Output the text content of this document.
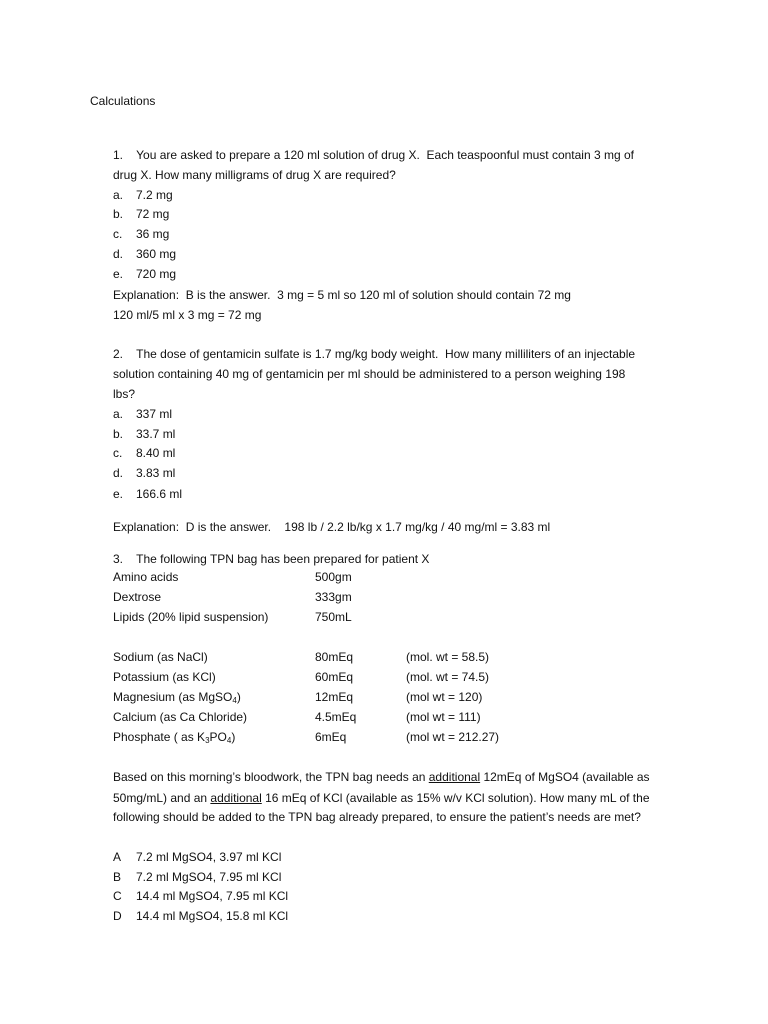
Calculations
1.    You are asked to prepare a 120 ml solution of drug X.  Each teaspoonful must contain 3 mg of
drug X. How many milligrams of drug X are required?
a. 7.2 mg
b. 72 mg
c. 36 mg
d. 360 mg
e. 720 mg
Explanation:  B is the answer.  3 mg = 5 ml so 120 ml of solution should contain 72 mg
120 ml/5 ml x 3 mg = 72 mg
2.    The dose of gentamicin sulfate is 1.7 mg/kg body weight.  How many milliliters of an injectable
solution containing 40 mg of gentamicin per ml should be administered to a person weighing 198
lbs?
a. 337 ml
b. 33.7 ml
c. 8.40 ml
d. 3.83 ml
e. 166.6 ml
Explanation:  D is the answer.    198 lb / 2.2 lb/kg x 1.7 mg/kg / 40 mg/ml = 3.83 ml
3.    The following TPN bag has been prepared for patient X
Amino acids	500gm
Dextrose	333gm
Lipids (20% lipid suspension)	750mL
Sodium (as NaCl)	80mEq	(mol. wt = 58.5)
Potassium (as KCl)	60mEq	(mol. wt = 74.5)
Magnesium (as MgSO$_4$)	12mEq	(mol wt = 120)
Calcium (as Ca Chloride)	4.5mEq	(mol wt = 111)
Phosphate ( as $K_3PO_4$)	6mEq	(mol wt = 212.27)
Based on this morning’s bloodwork, the TPN bag needs an additional 12mEq of MgSO4 (available as
50mg/mL) and an additional 16 mEq of KCl (available as 15% w/v KCl solution). How many mL of the
following should be added to the TPN bag already prepared, to ensure the patient’s needs are met?
A 7.2 ml MgSO4, 3.97 ml KCl
B 7.2 ml MgSO4, 7.95 ml KCl
C 14.4 ml MgSO4, 7.95 ml KCl
D 14.4 ml MgSO4, 15.8 ml KCl
